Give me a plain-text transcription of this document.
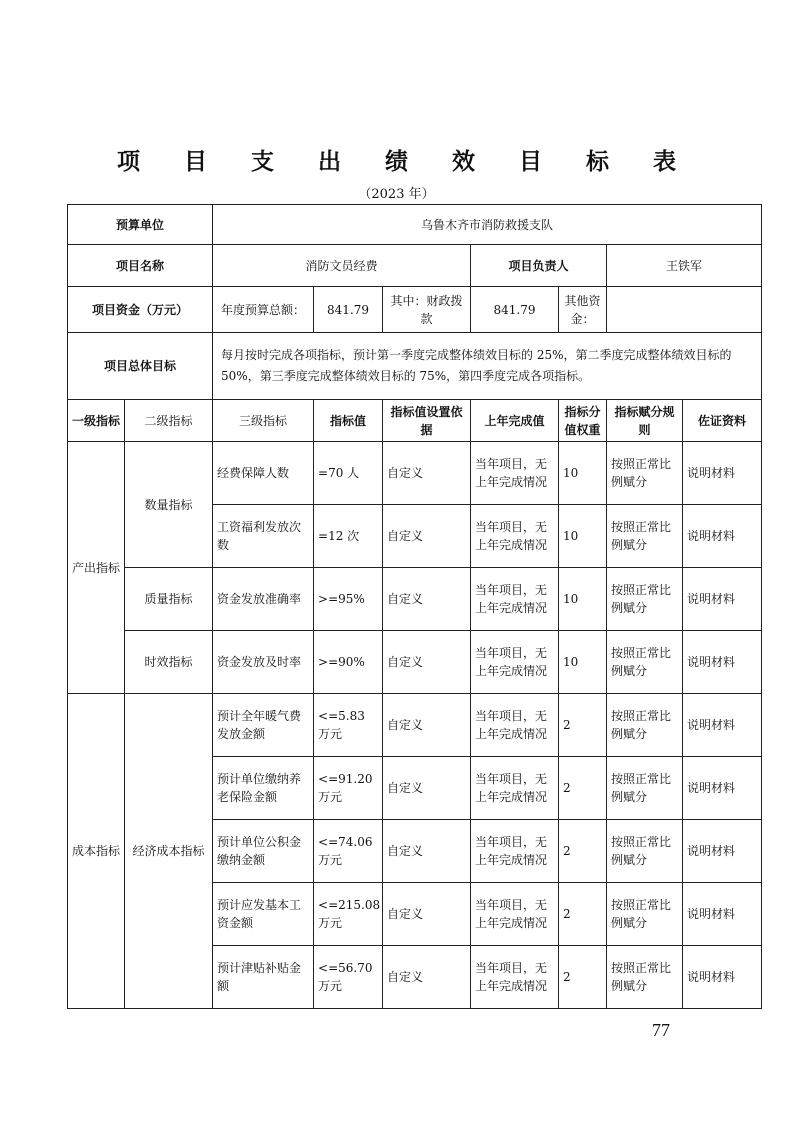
项 目 支 出 绩 效 目 标 表
（2023 年）
预算单位		乌鲁木齐市消防救援支队						
项目名称		消防文员经费			项目负责人		王铁军	
项目资金（万元）		年度预算总额：	841.79	其中：财政拨款	841.79	其他资金：		
项目总体目标		每月按时完成各项指标，预计第一季度完成整体绩效目标的 25%，第二季度完成整体绩效目标的 50%，第三季度完成整体绩效目标的 75%，第四季度完成各项指标。						
一级指标	二级指标	三级指标	指标值	指标值设置依据	上年完成值	指标分值权重	指标赋分规则	佐证资料
产出指标	数量指标	经费保障人数	=70 人	自定义	当年项目，无上年完成情况	10	按照正常比例赋分	说明材料
		工资福利发放次数	=12 次	自定义	当年项目，无上年完成情况	10	按照正常比例赋分	说明材料
	质量指标	资金发放准确率	>=95%	自定义	当年项目，无上年完成情况	10	按照正常比例赋分	说明材料
	时效指标	资金发放及时率	>=90%	自定义	当年项目，无上年完成情况	10	按照正常比例赋分	说明材料
成本指标	经济成本指标	预计全年暖气费发放金额	<=5.83 万元	自定义	当年项目，无上年完成情况	2	按照正常比例赋分	说明材料
		预计单位缴纳养老保险金额	<=91.20 万元	自定义	当年项目，无上年完成情况	2	按照正常比例赋分	说明材料
		预计单位公积金缴纳金额	<=74.06 万元	自定义	当年项目，无上年完成情况	2	按照正常比例赋分	说明材料
		预计应发基本工资金额	<=215.08 万元	自定义	当年项目，无上年完成情况	2	按照正常比例赋分	说明材料
		预计津贴补贴金额	<=56.70 万元	自定义	当年项目，无上年完成情况	2	按照正常比例赋分	说明材料
77
